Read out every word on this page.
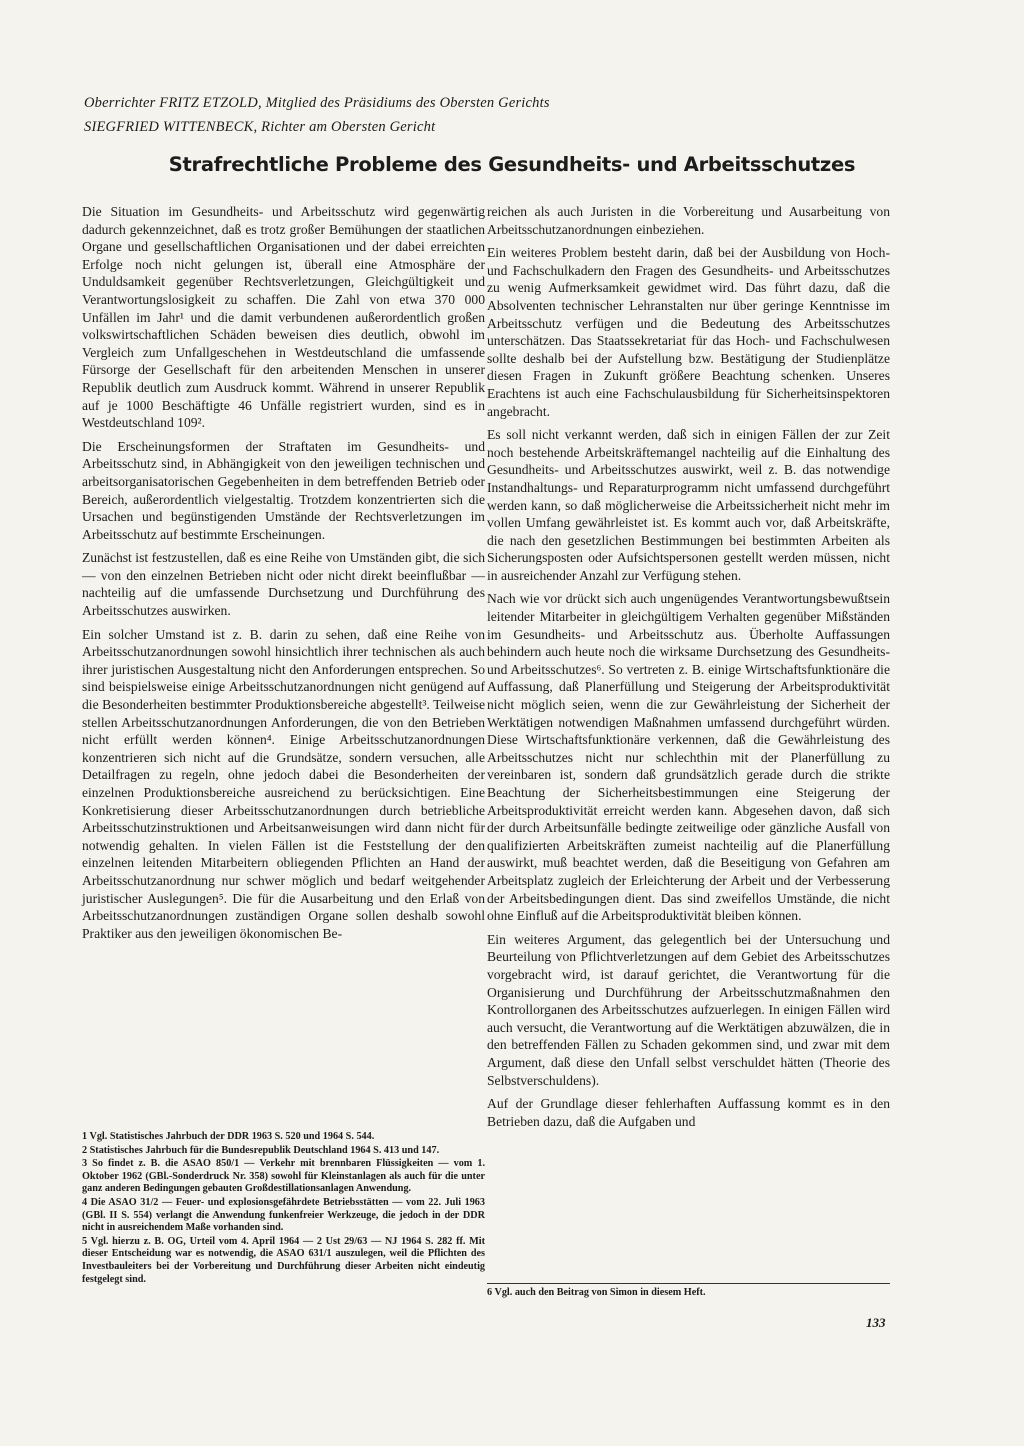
Oberrichter FRITZ ETZOLD, Mitglied des Präsidiums des Obersten Gerichts
SIEGFRIED WITTENBECK, Richter am Obersten Gericht
Strafrechtliche Probleme des Gesundheits- und Arbeitsschutzes

Die Situation im Gesundheits- und Arbeitsschutz wird gegenwärtig dadurch gekennzeichnet, daß es trotz großer Bemühungen der staatlichen Organe und gesellschaftlichen Organisationen und der dabei erreichten Erfolge noch nicht gelungen ist, überall eine Atmosphäre der Unduldsamkeit gegenüber Rechtsverletzungen, Gleichgültigkeit und Verantwortungslosigkeit zu schaffen. Die Zahl von etwa 370 000 Unfällen im Jahr¹ und die damit verbundenen außerordentlich großen volkswirtschaftlichen Schäden beweisen dies deutlich, obwohl im Vergleich zum Unfallgeschehen in Westdeutschland die umfassende Fürsorge der Gesellschaft für den arbeitenden Menschen in unserer Republik deutlich zum Ausdruck kommt. Während in unserer Republik auf je 1000 Beschäftigte 46 Unfälle registriert wurden, sind es in Westdeutschland 109².

Die Erscheinungsformen der Straftaten im Gesundheits- und Arbeitsschutz sind, in Abhängigkeit von den jeweiligen technischen und arbeitsorganisatorischen Gegebenheiten in dem betreffenden Betrieb oder Bereich, außerordentlich vielgestaltig. Trotzdem konzentrierten sich die Ursachen und begünstigenden Umstände der Rechtsverletzungen im Arbeitsschutz auf bestimmte Erscheinungen.

Zunächst ist festzustellen, daß es eine Reihe von Umständen gibt, die sich — von den einzelnen Betrieben nicht oder nicht direkt beeinflußbar — nachteilig auf die umfassende Durchsetzung und Durchführung des Arbeitsschutzes auswirken.

Ein solcher Umstand ist z. B. darin zu sehen, daß eine Reihe von Arbeitsschutzanordnungen sowohl hinsichtlich ihrer technischen als auch ihrer juristischen Ausgestaltung nicht den Anforderungen entsprechen. So sind beispielsweise einige Arbeitsschutzanordnungen nicht genügend auf die Besonderheiten bestimmter Produktionsbereiche abgestellt³. Teilweise stellen Arbeitsschutzanordnungen Anforderungen, die von den Betrieben nicht erfüllt werden können⁴. Einige Arbeitsschutzanordnungen konzentrieren sich nicht auf die Grundsätze, sondern versuchen, alle Detailfragen zu regeln, ohne jedoch dabei die Besonderheiten der einzelnen Produktionsbereiche ausreichend zu berücksichtigen. Eine Konkretisierung dieser Arbeitsschutzanordnungen durch betriebliche Arbeitsschutzinstruktionen und Arbeitsanweisungen wird dann nicht für notwendig gehalten. In vielen Fällen ist die Feststellung der den einzelnen leitenden Mitarbeitern obliegenden Pflichten an Hand der Arbeitsschutzanordnung nur schwer möglich und bedarf weitgehender juristischer Auslegungen⁵. Die für die Ausarbeitung und den Erlaß von Arbeitsschutzanordnungen zuständigen Organe sollen deshalb sowohl Praktiker aus den jeweiligen ökonomischen Be-

reichen als auch Juristen in die Vorbereitung und Ausarbeitung von Arbeitsschutzanordnungen einbeziehen.

Ein weiteres Problem besteht darin, daß bei der Ausbildung von Hoch- und Fachschulkadern den Fragen des Gesundheits- und Arbeitsschutzes zu wenig Aufmerksamkeit gewidmet wird. Das führt dazu, daß die Absolventen technischer Lehranstalten nur über geringe Kenntnisse im Arbeitsschutz verfügen und die Bedeutung des Arbeitsschutzes unterschätzen. Das Staatssekretariat für das Hoch- und Fachschulwesen sollte deshalb bei der Aufstellung bzw. Bestätigung der Studienplätze diesen Fragen in Zukunft größere Beachtung schenken. Unseres Erachtens ist auch eine Fachschulausbildung für Sicherheitsinspektoren angebracht.

Es soll nicht verkannt werden, daß sich in einigen Fällen der zur Zeit noch bestehende Arbeitskräftemangel nachteilig auf die Einhaltung des Gesundheits- und Arbeitsschutzes auswirkt, weil z. B. das notwendige Instandhaltungs- und Reparaturprogramm nicht umfassend durchgeführt werden kann, so daß möglicherweise die Arbeitssicherheit nicht mehr im vollen Umfang gewährleistet ist. Es kommt auch vor, daß Arbeitskräfte, die nach den gesetzlichen Bestimmungen bei bestimmten Arbeiten als Sicherungsposten oder Aufsichtspersonen gestellt werden müssen, nicht in ausreichender Anzahl zur Verfügung stehen.

Nach wie vor drückt sich auch ungenügendes Verantwortungsbewußtsein leitender Mitarbeiter in gleichgültigem Verhalten gegenüber Mißständen im Gesundheits- und Arbeitsschutz aus. Überholte Auffassungen behindern auch heute noch die wirksame Durchsetzung des Gesundheits- und Arbeitsschutzes⁶. So vertreten z. B. einige Wirtschaftsfunktionäre die Auffassung, daß Planerfüllung und Steigerung der Arbeitsproduktivität nicht möglich seien, wenn die zur Gewährleistung der Sicherheit der Werktätigen notwendigen Maßnahmen umfassend durchgeführt würden. Diese Wirtschaftsfunktionäre verkennen, daß die Gewährleistung des Arbeitsschutzes nicht nur schlechthin mit der Planerfüllung zu vereinbaren ist, sondern daß grundsätzlich gerade durch die strikte Beachtung der Sicherheitsbestimmungen eine Steigerung der Arbeitsproduktivität erreicht werden kann. Abgesehen davon, daß sich der durch Arbeitsunfälle bedingte zeitweilige oder gänzliche Ausfall von qualifizierten Arbeitskräften zumeist nachteilig auf die Planerfüllung auswirkt, muß beachtet werden, daß die Beseitigung von Gefahren am Arbeitsplatz zugleich der Erleichterung der Arbeit und der Verbesserung der Arbeitsbedingungen dient. Das sind zweifellos Umstände, die nicht ohne Einfluß auf die Arbeitsproduktivität bleiben können.

Ein weiteres Argument, das gelegentlich bei der Untersuchung und Beurteilung von Pflichtverletzungen auf dem Gebiet des Arbeitsschutzes vorgebracht wird, ist darauf gerichtet, die Verantwortung für die Organisierung und Durchführung der Arbeitsschutzmaßnahmen den Kontrollorganen des Arbeitsschutzes aufzuerlegen. In einigen Fällen wird auch versucht, die Verantwortung auf die Werktätigen abzuwälzen, die in den betreffenden Fällen zu Schaden gekommen sind, und zwar mit dem Argument, daß diese den Unfall selbst verschuldet hätten (Theorie des Selbstverschuldens).

Auf der Grundlage dieser fehlerhaften Auffassung kommt es in den Betrieben dazu, daß die Aufgaben und

1 Vgl. Statistisches Jahrbuch der DDR 1963 S. 520 und 1964 S. 544.

2 Statistisches Jahrbuch für die Bundesrepublik Deutschland 1964 S. 413 und 147.

3 So findet z. B. die ASAO 850/1 — Verkehr mit brennbaren Flüssigkeiten — vom 1. Oktober 1962 (GBl.-Sonderdruck Nr. 358) sowohl für Kleinstanlagen als auch für die unter ganz anderen Bedingungen gebauten Großdestillationsanlagen Anwendung.

4 Die ASAO 31/2 — Feuer- und explosionsgefährdete Betriebsstätten — vom 22. Juli 1963 (GBl. II S. 554) verlangt die Anwendung funkenfreier Werkzeuge, die jedoch in der DDR nicht in ausreichendem Maße vorhanden sind.

5 Vgl. hierzu z. B. OG, Urteil vom 4. April 1964 — 2 Ust 29/63 — NJ 1964 S. 282 ff. Mit dieser Entscheidung war es notwendig, die ASAO 631/1 auszulegen, weil die Pflichten des Investbauleiters bei der Vorbereitung und Durchführung dieser Arbeiten nicht eindeutig festgelegt sind.

6 Vgl. auch den Beitrag von Simon in diesem Heft.
133
